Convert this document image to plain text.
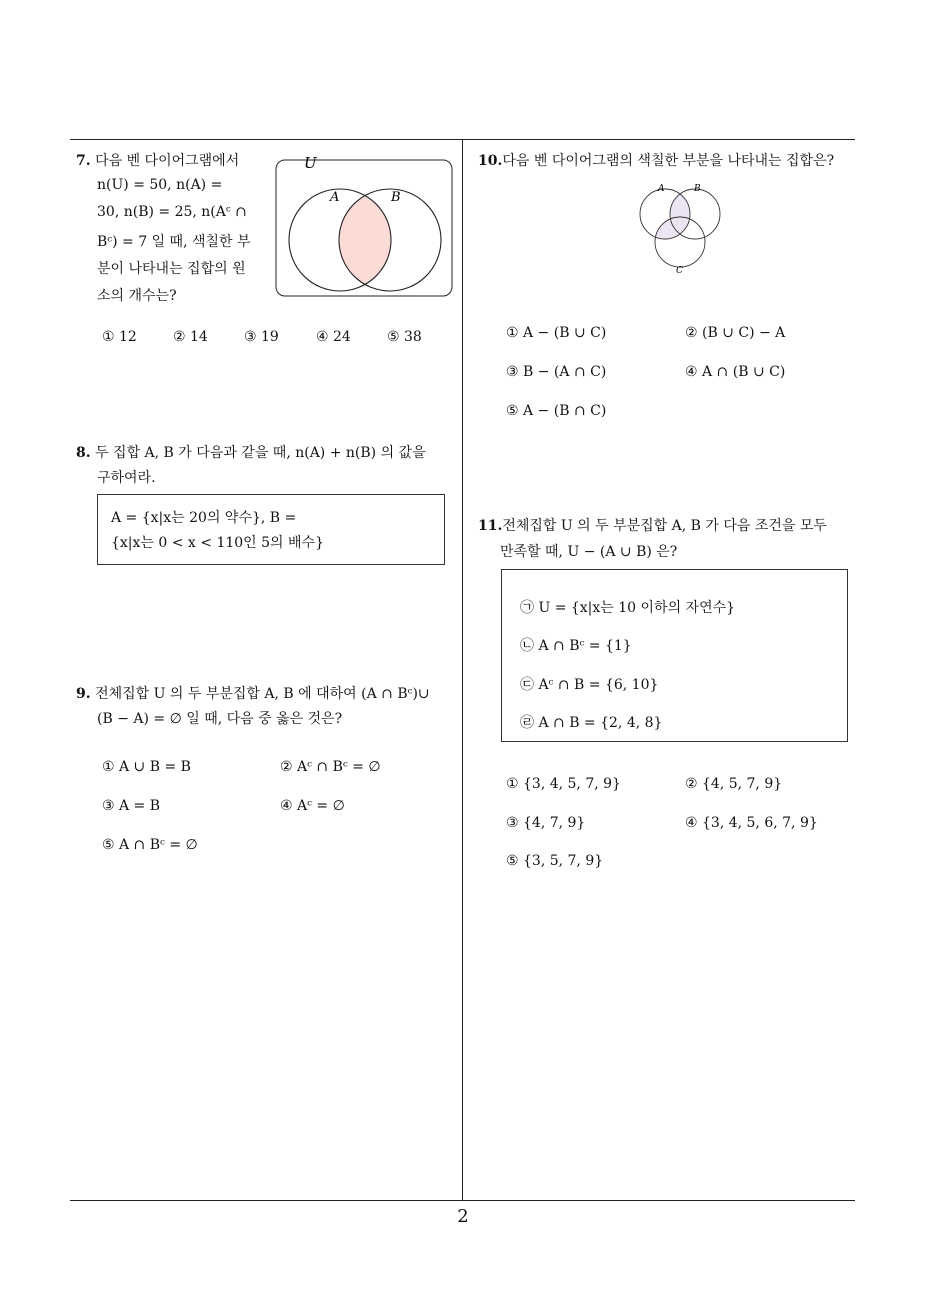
2
7. 다음 벤 다이어그램에서
n(U) = 50, n(A) =
30, n(B) = 25, n(Aᶜ ∩
Bᶜ) = 7 일 때, 색칠한 부
분이 나타내는 집합의 원
소의 개수는?
U
A	B
① 12	② 14	③ 19	④ 24	⑤ 38
8. 두 집합 A, B 가 다음과 같을 때, n(A) + n(B) 의 값을
구하여라.
A = {x|x는 20의 약수}, B =
{x|x는 0 < x < 110인 5의 배수}
9. 전체집합 U 의 두 부분집합 A, B 에 대하여 (A ∩ Bᶜ)∪
(B − A) = ∅ 일 때, 다음 중 옳은 것은?
① A ∪ B = B	② Aᶜ ∩ Bᶜ = ∅
③ A = B	④ Aᶜ = ∅
⑤ A ∩ Bᶜ = ∅
10.다음 벤 다이어그램의 색칠한 부분을 나타내는 집합은?
A	B
C
① A − (B ∪ C)	② (B ∪ C) − A
③ B − (A ∩ C)	④ A ∩ (B ∪ C)
⑤ A − (B ∩ C)
11.전체집합 U 의 두 부분집합 A, B 가 다음 조건을 모두
만족할 때, U − (A ∪ B) 은?
㉠ U = {x|x는 10 이하의 자연수}
㉡ A ∩ Bᶜ = {1}
㉢ Aᶜ ∩ B = {6, 10}
㉣ A ∩ B = {2, 4, 8}
① {3, 4, 5, 7, 9}	② {4, 5, 7, 9}
③ {4, 7, 9}	④ {3, 4, 5, 6, 7, 9}
⑤ {3, 5, 7, 9}
